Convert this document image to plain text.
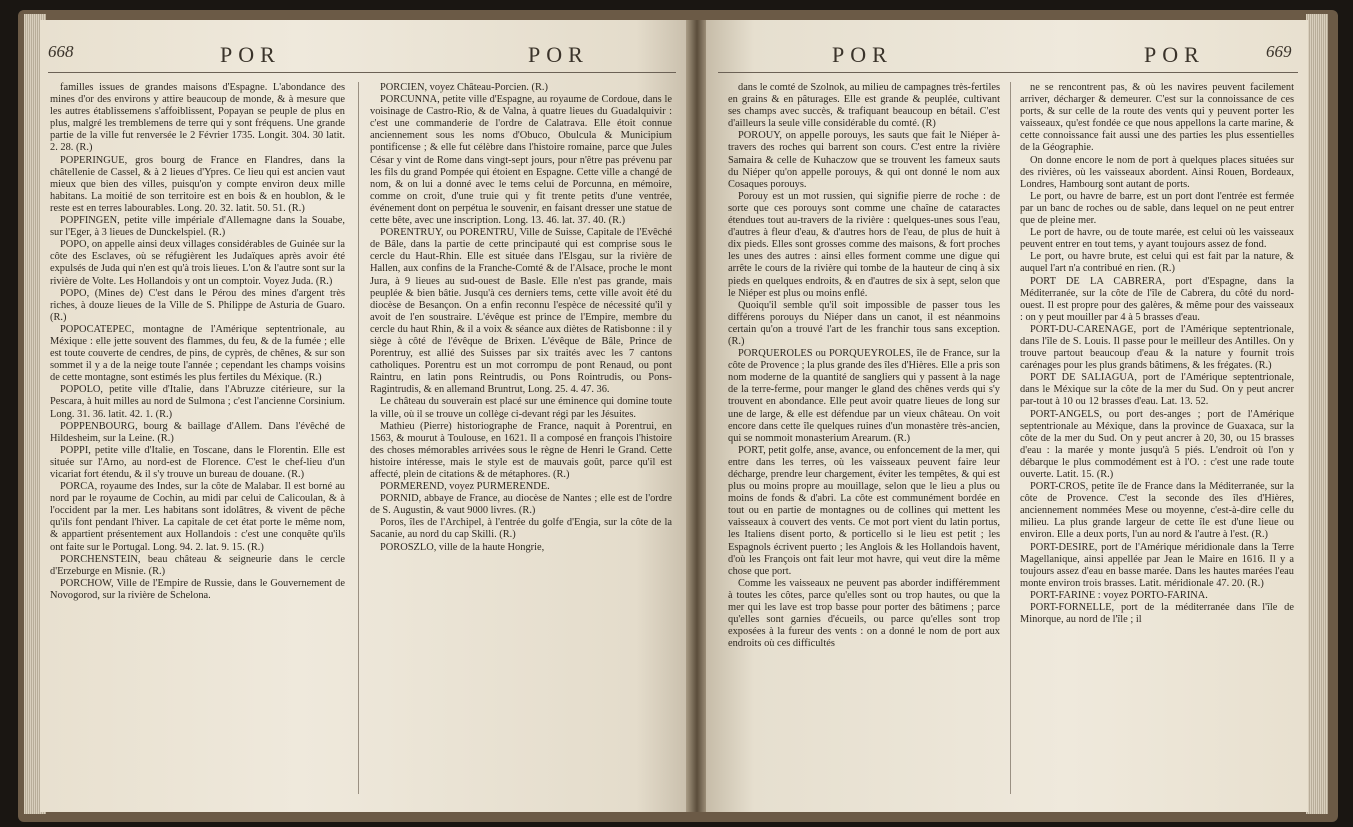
668	POR	POR

familles issues de grandes maisons d'Espagne. L'abondance des mines d'or des environs y attire beaucoup de monde, & à mesure que les autres établissemens s'affoiblissent, Popayan se peuple de plus en plus, malgré les tremblemens de terre qui y sont fréquens. Une grande partie de la ville fut renversée le 2 Février 1735. Longit. 304. 30 latit. 2. 28. (R.)

POPERINGUE, gros bourg de France en Flandres, dans la châtellenie de Cassel, & à 2 lieues d'Ypres. Ce lieu qui est ancien vaut mieux que bien des villes, puisqu'on y compte environ deux mille habitans. La moitié de son territoire est en bois & en houblon, & le reste est en terres labourables. Long. 20. 32. latit. 50. 51. (R.)

POPFINGEN, petite ville impériale d'Allemagne dans la Souabe, sur l'Eger, à 3 lieues de Dunckelspiel. (R.)

POPO, on appelle ainsi deux villages considérables de Guinée sur la côte des Esclaves, où se réfugièrent les Judaïques après avoir été expulsés de Juda qui n'en est qu'à trois lieues. L'on & l'autre sont sur la rivière de Volte. Les Hollandois y ont un comptoir. Voyez Juda. (R.)

POPO, (Mines de) C'est dans le Pérou des mines d'argent très riches, à douze lieues de la Ville de S. Philippe de Asturia de Guaro.(R.)

POPOCATEPEC, montagne de l'Amérique septentrionale, au Méxique : elle jette souvent des flammes, du feu, & de la fumée ; elle est toute couverte de cendres, de pins, de cyprès, de chênes, & sur son sommet il y a de la neige toute l'année ; cependant les champs voisins de cette montagne, sont estimés les plus fertiles du Méxique. (R.)

POPOLO, petite ville d'Italie, dans l'Abruzze citérieure, sur la Pescara, à huit milles au nord de Sulmona ; c'est l'ancienne Corsinium. Long. 31. 36. latit. 42. 1. (R.)

POPPENBOURG, bourg & baillage d'Allem. Dans l'évêché de Hildesheim, sur la Leine. (R.)

POPPI, petite ville d'Italie, en Toscane, dans le Florentin. Elle est située sur l'Arno, au nord-est de Florence. C'est le chef-lieu d'un vicariat fort étendu, & il s'y trouve un bureau de douane. (R.)

PORCA, royaume des Indes, sur la côte de Malabar. Il est borné au nord par le royaume de Cochin, au midi par celui de Calicoulan, & à l'occident par la mer. Les habitans sont idolâtres, & vivent de pêche qu'ils font pendant l'hiver. La capitale de cet état porte le même nom, & appartient présentement aux Hollandois : c'est une conquête qu'ils ont faite sur le Portugal. Long. 94. 2. lat. 9. 15. (R.)

PORCHENSTEIN, beau château & seigneurie dans le cercle d'Erzeburge en Misnie. (R.)

PORCHOW, Ville de l'Empire de Russie, dans le Gouvernement de Novogorod, sur la rivière de Schelona.

PORCIEN, voyez Château-Porcien. (R.)

PORCUNNA, petite ville d'Espagne, au royaume de Cordoue, dans le voisinage de Castro-Rio, & de Valna, à quatre lieues du Guadalquivir : c'est une commanderie de l'ordre de Calatrava. Elle étoit connue anciennement sous les noms d'Obuco, Obulcula & Municipium pontificense ; & elle fut célèbre dans l'histoire romaine, parce que Jules César y vint de Rome dans vingt-sept jours, pour n'être pas prévenu par les fils du grand Pompée qui étoient en Espagne. Cette ville a changé de nom, & on lui a donné avec le tems celui de Porcunna, en mémoire, comme on croit, d'une truie qui y fit trente petits d'une ventrée, événement dont on perpétua le souvenir, en faisant dresser une statue de cette bête, avec une inscription. Long. 13. 46. lat. 37. 40. (R.)

PORENTRUY, ou PORENTRU, Ville de Suisse, Capitale de l'Evêché de Bâle, dans la partie de cette principauté qui est comprise sous le cercle du Haut-Rhin. Elle est située dans l'Elsgau, sur la rivière de Hallen, aux confins de la Franche-Comté & de l'Alsace, proche le mont Jura, à 9 lieues au sud-ouest de Basle. Elle n'est pas grande, mais peuplée & bien bâtie. Jusqu'à ces derniers tems, cette ville avoit été du diocèse de Besançon. On a enfin reconnu l'espèce de nécessité qu'il y avoit de l'en soustraire. L'évêque est prince de l'Empire, membre du cercle du haut Rhin, & il a voix & séance aux diètes de Ratisbonne : il y siège à côté de l'évêque de Brixen. L'évêque de Bâle, Prince de Porentruy, est allié des Suisses par six traités avec les 7 cantons catholiques. Porentru est un mot corrompu de pont Renaud, ou pont Raintru, en latin pons Reintrudis, ou Pons Rointrudis, ou Pons-Ragintrudis, & en allemand Bruntrut, Long. 25. 4. 47. 36.

Le château du souverain est placé sur une éminence qui domine toute la ville, où il se trouve un collège ci-devant régi par les Jésuites.

Mathieu (Pierre) historiographe de France, naquit à Porentrui, en 1563, & mourut à Toulouse, en 1621. Il a composé en françois l'histoire des choses mémorables arrivées sous le règne de Henri le Grand. Cette histoire intéresse, mais le style est de mauvais goût, parce qu'il est affecté, plein de citations & de métaphores. (R.)

PORMEREND, voyez PURMERENDE.

PORNID, abbaye de France, au diocèse de Nantes ; elle est de l'ordre de S. Augustin, & vaut 9000 livres. (R.)

Poros, îles de l'Archipel, à l'entrée du golfe d'Engia, sur la côte de la Sacanie, au nord du cap Skilli. (R.)

POROSZLO, ville de la haute Hongrie,

POR	POR	669

dans le comté de Szolnok, au milieu de campagnes très-fertiles en grains & en pâturages. Elle est grande & peuplée, cultivant ses champs avec succès, & trafiquant beaucoup en bétail. C'est d'ailleurs la seule ville considérable du comté. (R)

POROUY, on appelle porouys, les sauts que fait le Niéper à-travers des roches qui barrent son cours. C'est entre la rivière Samaira & celle de Kuhaczow que se trouvent les fameux sauts du Niéper qu'on appelle porouys, & qui ont donné le nom aux Cosaques porouys.

Porouy est un mot russien, qui signifie pierre de roche : de sorte que ces porouys sont comme une chaîne de cataractes étendues tout au-travers de la rivière : quelques-unes sous l'eau, d'autres à fleur d'eau, & d'autres hors de l'eau, de plus de huit à dix pieds. Elles sont grosses comme des maisons, & fort proches les unes des autres : ainsi elles forment comme une digue qui arrête le cours de la rivière qui tombe de la hauteur de cinq à six pieds en quelques endroits, & en d'autres de six à sept, selon que le Niéper est plus ou moins enflé.

Quoiqu'il semble qu'il soit impossible de passer tous les différens porouys du Niéper dans un canot, il est néanmoins certain qu'on a trouvé l'art de les franchir tous sans exception. (R.)

PORQUEROLES ou PORQUEYROLES, île de France, sur la côte de Provence ; la plus grande des îles d'Hières. Elle a pris son nom moderne de la quantité de sangliers qui y passent à la nage de la terre-ferme, pour manger le gland des chênes verds qui s'y trouvent en abondance. Elle peut avoir quatre lieues de long sur une de large, & elle est défendue par un vieux château. On voit encore dans cette île quelques ruines d'un monastère très-ancien, qui se nommoit monasterium Arearum. (R.)

PORT, petit golfe, anse, avance, ou enfoncement de la mer, qui entre dans les terres, où les vaisseaux peuvent faire leur décharge, prendre leur chargement, éviter les tempêtes, & qui est plus ou moins propre au mouillage, selon que le lieu a plus ou moins de fonds & d'abri. La côte est communément bordée en tout ou en partie de montagnes ou de collines qui mettent les vaisseaux à couvert des vents. Ce mot port vient du latin portus, les Italiens disent porto, & porticello si le lieu est petit ; les Espagnols écrivent puerto ; les Anglois & les Hollandois havent, d'où les François ont fait leur mot havre, qui veut dire la même chose que port.

Comme les vaisseaux ne peuvent pas aborder indifféremment à toutes les côtes, parce qu'elles sont ou trop hautes, ou que la mer qui les lave est trop basse pour porter des bâtimens ; parce qu'elles sont garnies d'écueils, ou parce qu'elles sont trop exposées à la fureur des vents : on a donné le nom de port aux endroits où ces difficultés

ne se rencontrent pas, & où les navires peuvent facilement arriver, décharger & demeurer. C'est sur la connoissance de ces ports, & sur celle de la route des vents qui y peuvent porter les vaisseaux, qu'est fondée ce que nous appellons la carte marine, & cette connoissance fait aussi une des parties les plus essentielles de la Géographie.

On donne encore le nom de port à quelques places situées sur des rivières, où les vaisseaux abordent. Ainsi Rouen, Bordeaux, Londres, Hambourg sont autant de ports.

Le port, ou havre de barre, est un port dont l'entrée est fermée par un banc de roches ou de sable, dans lequel on ne peut entrer que de pleine mer.

Le port de havre, ou de toute marée, est celui où les vaisseaux peuvent entrer en tout tems, y ayant toujours assez de fond.

Le port, ou havre brute, est celui qui est fait par la nature, & auquel l'art n'a contribué en rien. (R.)

PORT DE LA CABRERA, port d'Espagne, dans la Méditerranée, sur la côte de l'île de Cabrera, du côté du nord-ouest. Il est propre pour des galères, & même pour des vaisseaux : on y peut mouiller par 4 à 5 brasses d'eau.

PORT-DU-CARENAGE, port de l'Amérique septentrionale, dans l'île de S. Louis. Il passe pour le meilleur des Antilles. On y trouve partout beaucoup d'eau & la nature y fournit trois carénages pour les plus grands bâtimens, & les frégates. (R.)

PORT DE SALIAGUA, port de l'Amérique septentrionale, dans le Méxique sur la côte de la mer du Sud. On y peut ancrer par-tout à 10 ou 12 brasses d'eau. Lat. 13. 52.

PORT-ANGELS, ou port des-anges ; port de l'Amérique septentrionale au Méxique, dans la province de Guaxaca, sur la côte de la mer du Sud. On y peut ancrer à 20, 30, ou 15 brasses d'eau : la marée y monte jusqu'à 5 piés. L'endroit où l'on y débarque le plus commodément est à l'O. : c'est une rade toute ouverte. Latit. 15. (R.)

PORT-CROS, petite île de France dans la Méditerranée, sur la côte de Provence. C'est la seconde des îles d'Hières, anciennement nommées Mese ou moyenne, c'est-à-dire celle du milieu. La plus grande largeur de cette île est d'une lieue ou environ. Elle a deux ports, l'un au nord & l'autre à l'est. (R.)

PORT-DESIRE, port de l'Amérique méridionale dans la Terre Magellanique, ainsi appellée par Jean le Maire en 1616. Il y a toujours assez d'eau en basse marée. Dans les hautes marées l'eau monte environ trois brasses. Latit. méridionale 47. 20. (R.)

PORT-FARINE : voyez PORTO-FARINA.

PORT-FORNELLE, port de la méditerranée dans l'île de Minorque, au nord de l'île ; il
